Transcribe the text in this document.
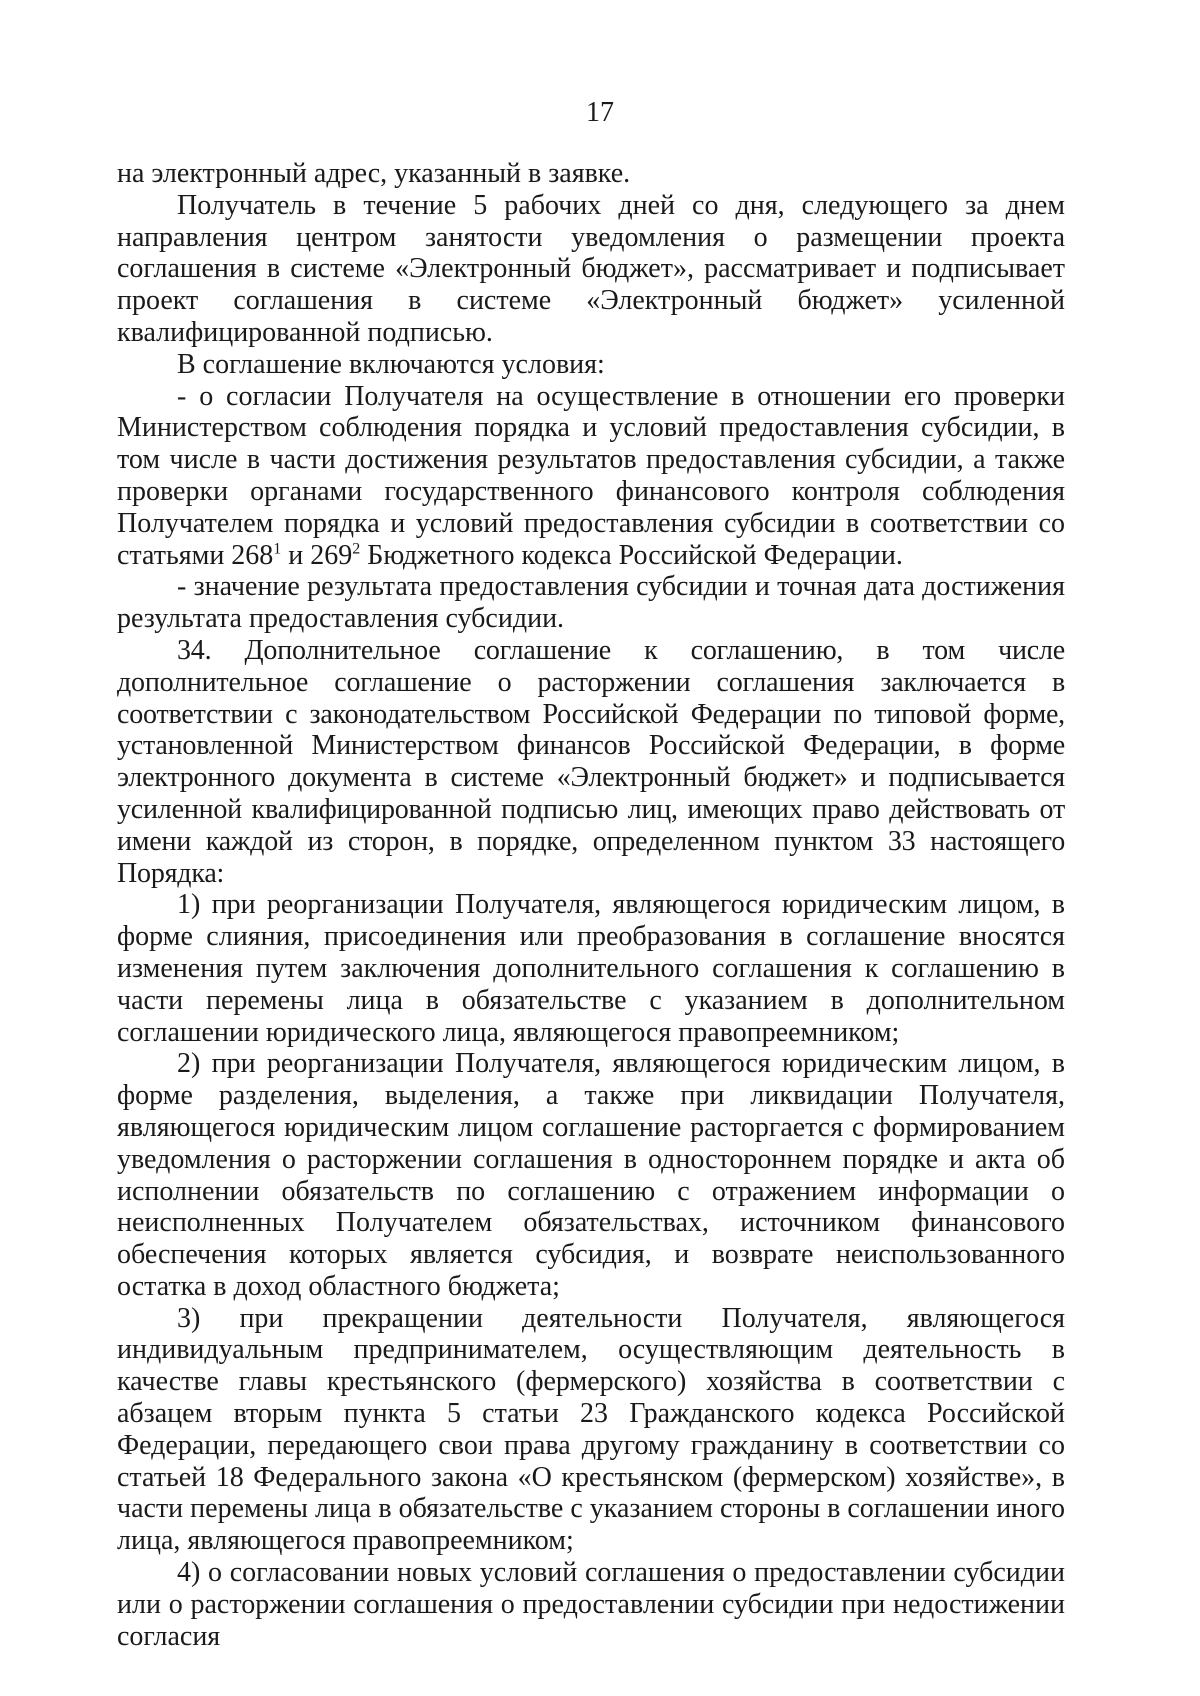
17

на электронный адрес, указанный в заявке.

Получатель в течение 5 рабочих дней со дня, следующего за днем направления центром занятости уведомления о размещении проекта соглашения в системе «Электронный бюджет», рассматривает и подписывает проект соглашения в системе «Электронный бюджет» усиленной квалифицированной подписью.

В соглашение включаются условия:

- о согласии Получателя на осуществление в отношении его проверки Министерством соблюдения порядка и условий предоставления субсидии, в том числе в части достижения результатов предоставления субсидии, а также проверки органами государственного финансового контроля соблюдения Получателем порядка и условий предоставления субсидии в соответствии со статьями $268^1$ и $269^2$ Бюджетного кодекса Российской Федерации.

- значение результата предоставления субсидии и точная дата достижения результата предоставления субсидии.

34. Дополнительное соглашение к соглашению, в том числе дополнительное соглашение о расторжении соглашения заключается в соответствии с законодательством Российской Федерации по типовой форме, установленной Министерством финансов Российской Федерации, в форме электронного документа в системе «Электронный бюджет» и подписывается усиленной квалифицированной подписью лиц, имеющих право действовать от имени каждой из сторон, в порядке, определенном пунктом 33 настоящего Порядка:

1) при реорганизации Получателя, являющегося юридическим лицом, в форме слияния, присоединения или преобразования в соглашение вносятся изменения путем заключения дополнительного соглашения к соглашению в части перемены лица в обязательстве с указанием в дополнительном соглашении юридического лица, являющегося правопреемником;

2) при реорганизации Получателя, являющегося юридическим лицом, в форме разделения, выделения, а также при ликвидации Получателя, являющегося юридическим лицом соглашение расторгается с формированием уведомления о расторжении соглашения в одностороннем порядке и акта об исполнении обязательств по соглашению с отражением информации о неисполненных Получателем обязательствах, источником финансового обеспечения которых является субсидия, и возврате неиспользованного остатка в доход областного бюджета;

3) при прекращении деятельности Получателя, являющегося индивидуальным предпринимателем, осуществляющим деятельность в качестве главы крестьянского (фермерского) хозяйства в соответствии с абзацем вторым пункта 5 статьи 23 Гражданского кодекса Российской Федерации, передающего свои права другому гражданину в соответствии со статьей 18 Федерального закона «О крестьянском (фермерском) хозяйстве», в части перемены лица в обязательстве с указанием стороны в соглашении иного лица, являющегося правопреемником;

4) о согласовании новых условий соглашения о предоставлении субсидии или о расторжении соглашения о предоставлении субсидии при недостижении согласия
